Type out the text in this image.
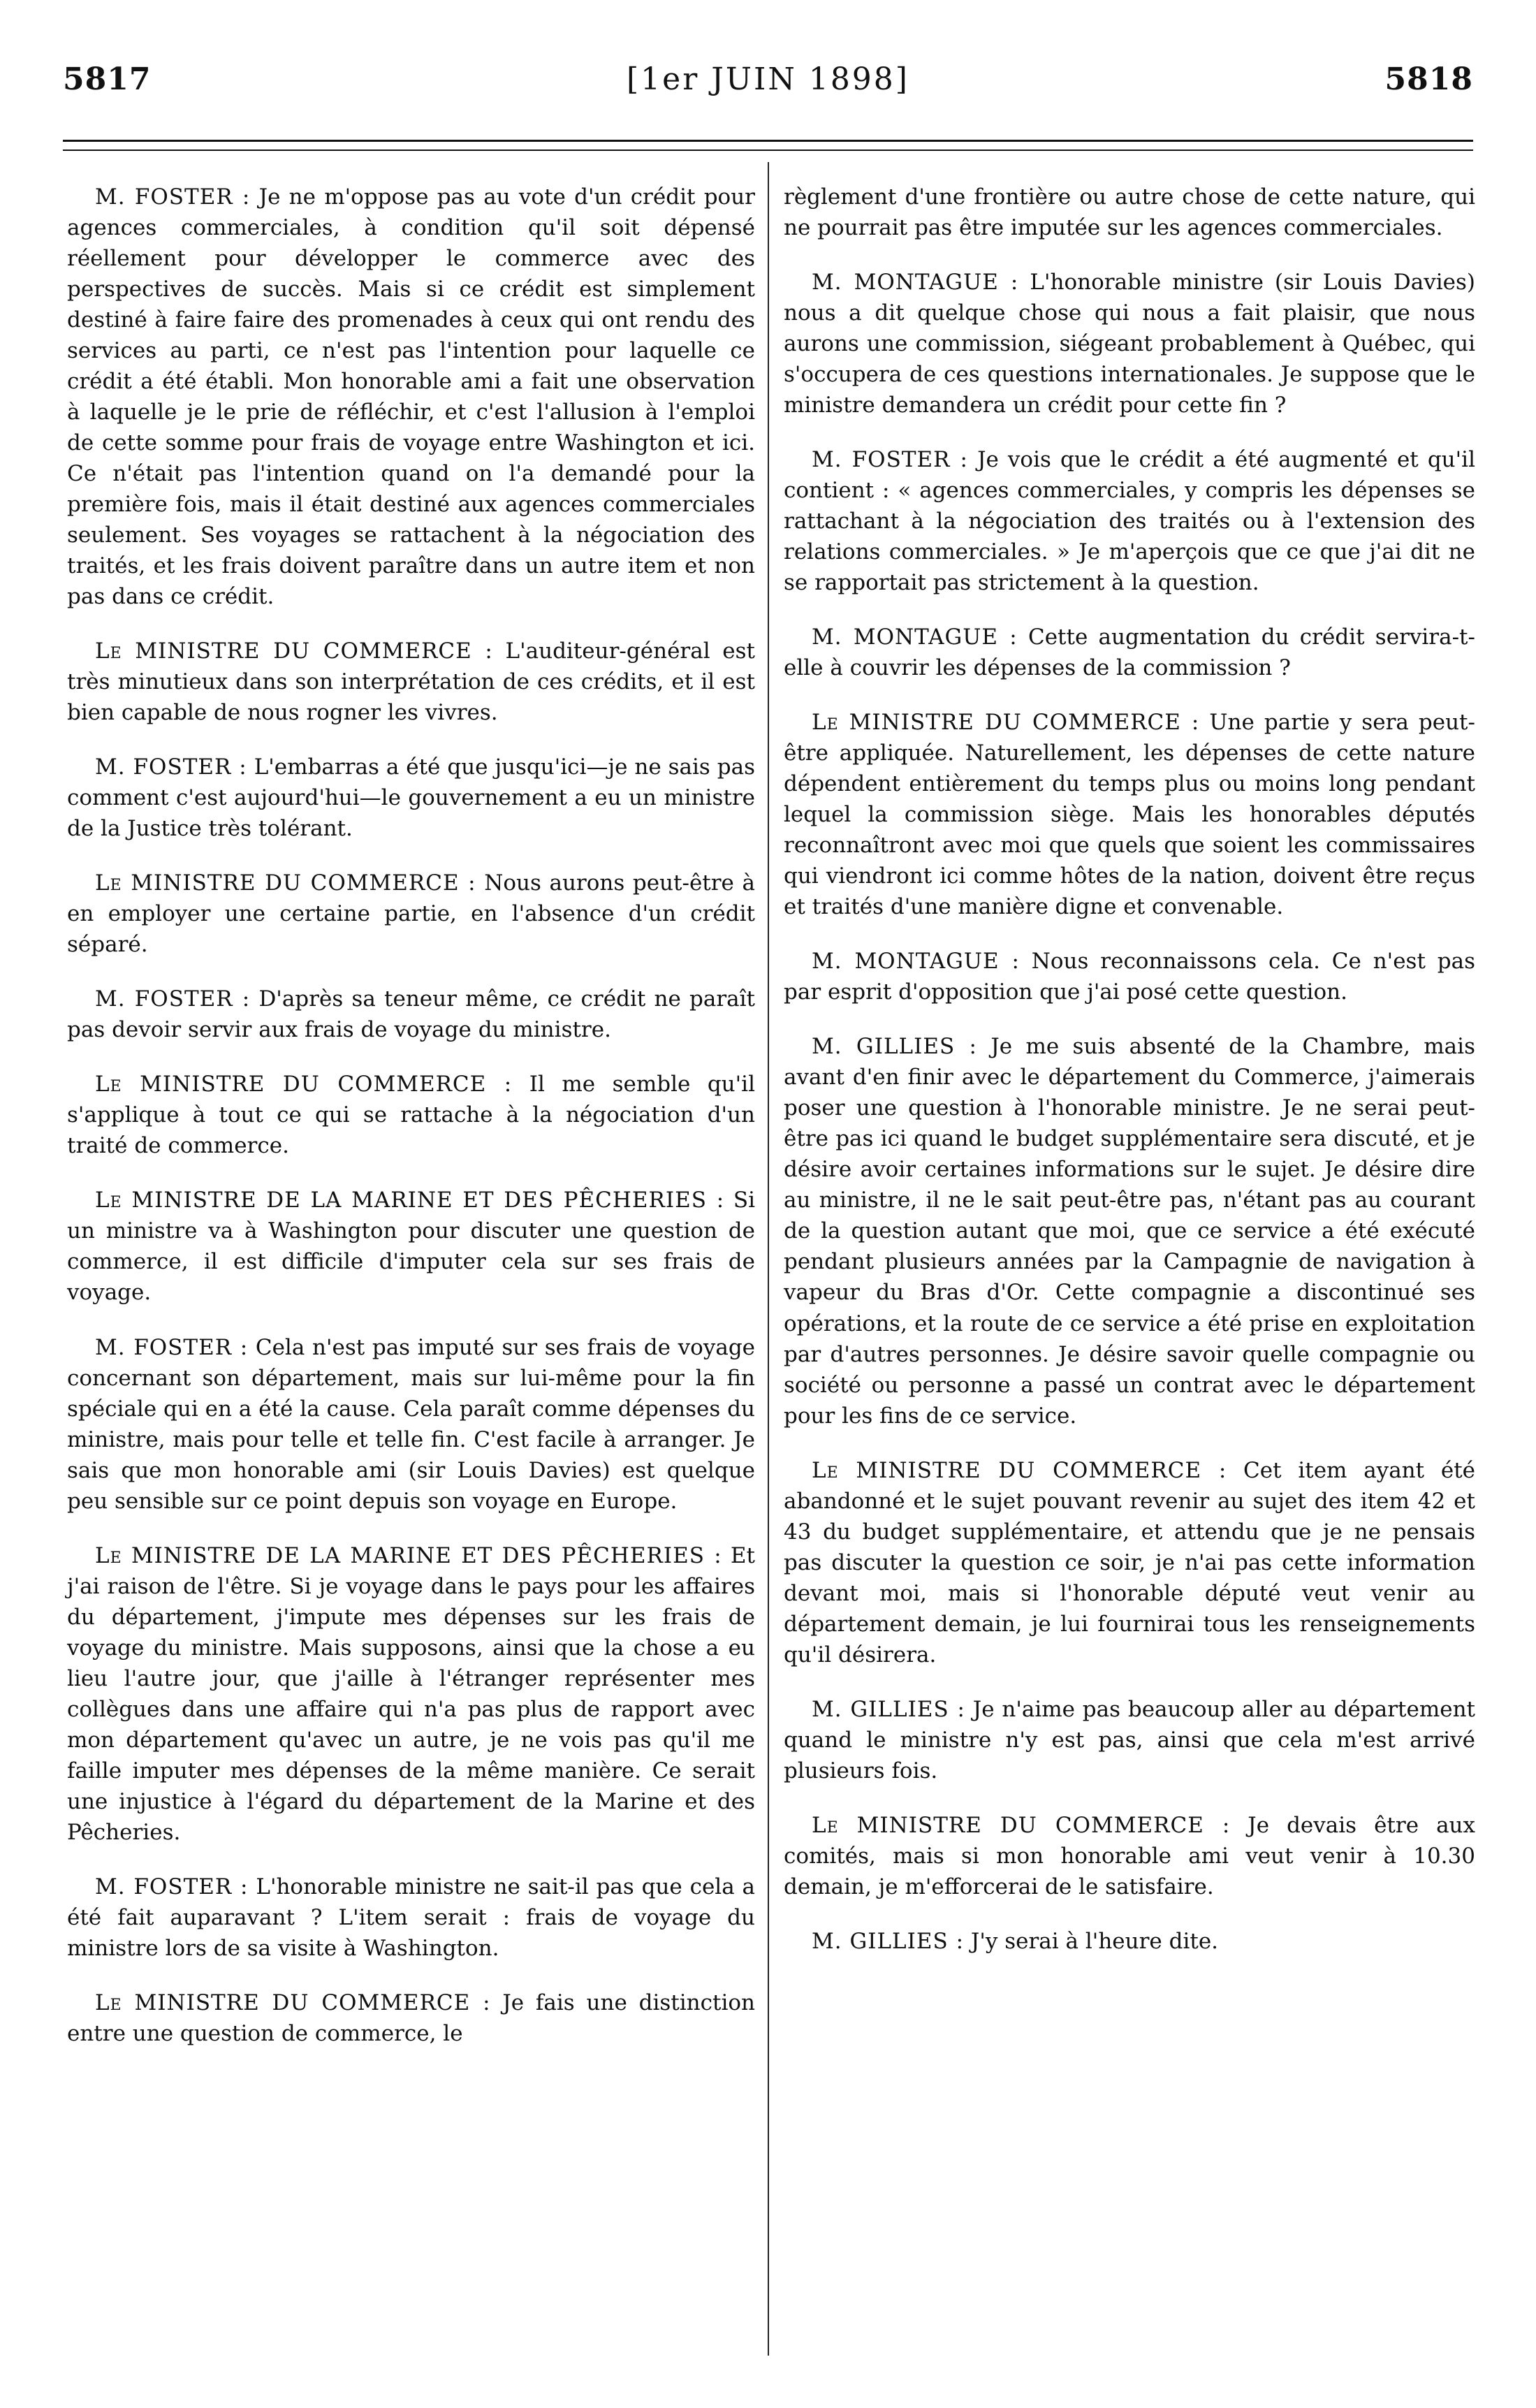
5817	[1er JUIN 1898]	5818

M. FOSTER : Je ne m'oppose pas au vote d'un crédit pour agences commerciales, à condition qu'il soit dépensé réellement pour développer le commerce avec des perspectives de succès. Mais si ce crédit est simplement destiné à faire faire des promenades à ceux qui ont rendu des services au parti, ce n'est pas l'intention pour laquelle ce crédit a été établi. Mon honorable ami a fait une observation à laquelle je le prie de réfléchir, et c'est l'allusion à l'emploi de cette somme pour frais de voyage entre Washington et ici. Ce n'était pas l'intention quand on l'a demandé pour la première fois, mais il était destiné aux agences commerciales seulement. Ses voyages se rattachent à la négociation des traités, et les frais doivent paraître dans un autre item et non pas dans ce crédit.

Le MINISTRE DU COMMERCE : L'auditeur-général est très minutieux dans son interprétation de ces crédits, et il est bien capable de nous rogner les vivres.

M. FOSTER : L'embarras a été que jusqu'ici—je ne sais pas comment c'est aujourd'hui—le gouvernement a eu un ministre de la Justice très tolérant.

Le MINISTRE DU COMMERCE : Nous aurons peut-être à en employer une certaine partie, en l'absence d'un crédit séparé.

M. FOSTER : D'après sa teneur même, ce crédit ne paraît pas devoir servir aux frais de voyage du ministre.

Le MINISTRE DU COMMERCE : Il me semble qu'il s'applique à tout ce qui se rattache à la négociation d'un traité de commerce.

Le MINISTRE DE LA MARINE ET DES PÊCHERIES : Si un ministre va à Washington pour discuter une question de commerce, il est difficile d'imputer cela sur ses frais de voyage.

M. FOSTER : Cela n'est pas imputé sur ses frais de voyage concernant son département, mais sur lui-même pour la fin spéciale qui en a été la cause. Cela paraît comme dépenses du ministre, mais pour telle et telle fin. C'est facile à arranger. Je sais que mon honorable ami (sir Louis Davies) est quelque peu sensible sur ce point depuis son voyage en Europe.

Le MINISTRE DE LA MARINE ET DES PÊCHERIES : Et j'ai raison de l'être. Si je voyage dans le pays pour les affaires du département, j'impute mes dépenses sur les frais de voyage du ministre. Mais supposons, ainsi que la chose a eu lieu l'autre jour, que j'aille à l'étranger représenter mes collègues dans une affaire qui n'a pas plus de rapport avec mon département qu'avec un autre, je ne vois pas qu'il me faille imputer mes dépenses de la même manière. Ce serait une injustice à l'égard du département de la Marine et des Pêcheries.

M. FOSTER : L'honorable ministre ne sait-il pas que cela a été fait auparavant ? L'item serait : frais de voyage du ministre lors de sa visite à Washington.

Le MINISTRE DU COMMERCE : Je fais une distinction entre une question de commerce, le

règlement d'une frontière ou autre chose de cette nature, qui ne pourrait pas être imputée sur les agences commerciales.

M. MONTAGUE : L'honorable ministre (sir Louis Davies) nous a dit quelque chose qui nous a fait plaisir, que nous aurons une commission, siégeant probablement à Québec, qui s'occupera de ces questions internationales. Je suppose que le ministre demandera un crédit pour cette fin ?

M. FOSTER : Je vois que le crédit a été augmenté et qu'il contient : « agences commerciales, y compris les dépenses se rattachant à la négociation des traités ou à l'extension des relations commerciales. » Je m'aperçois que ce que j'ai dit ne se rapportait pas strictement à la question.

M. MONTAGUE : Cette augmentation du crédit servira-t-elle à couvrir les dépenses de la commission ?

Le MINISTRE DU COMMERCE : Une partie y sera peut-être appliquée. Naturellement, les dépenses de cette nature dépendent entièrement du temps plus ou moins long pendant lequel la commission siège. Mais les honorables députés reconnaîtront avec moi que quels que soient les commissaires qui viendront ici comme hôtes de la nation, doivent être reçus et traités d'une manière digne et convenable.

M. MONTAGUE : Nous reconnaissons cela. Ce n'est pas par esprit d'opposition que j'ai posé cette question.

M. GILLIES : Je me suis absenté de la Chambre, mais avant d'en finir avec le département du Commerce, j'aimerais poser une question à l'honorable ministre. Je ne serai peut-être pas ici quand le budget supplémentaire sera discuté, et je désire avoir certaines informations sur le sujet. Je désire dire au ministre, il ne le sait peut-être pas, n'étant pas au courant de la question autant que moi, que ce service a été exécuté pendant plusieurs années par la Campagnie de navigation à vapeur du Bras d'Or. Cette compagnie a discontinué ses opérations, et la route de ce service a été prise en exploitation par d'autres personnes. Je désire savoir quelle compagnie ou société ou personne a passé un contrat avec le département pour les fins de ce service.

Le MINISTRE DU COMMERCE : Cet item ayant été abandonné et le sujet pouvant revenir au sujet des item 42 et 43 du budget supplémentaire, et attendu que je ne pensais pas discuter la question ce soir, je n'ai pas cette information devant moi, mais si l'honorable député veut venir au département demain, je lui fournirai tous les renseignements qu'il désirera.

M. GILLIES : Je n'aime pas beaucoup aller au département quand le ministre n'y est pas, ainsi que cela m'est arrivé plusieurs fois.

Le MINISTRE DU COMMERCE : Je devais être aux comités, mais si mon honorable ami veut venir à 10.30 demain, je m'efforcerai de le satisfaire.

M. GILLIES : J'y serai à l'heure dite.
